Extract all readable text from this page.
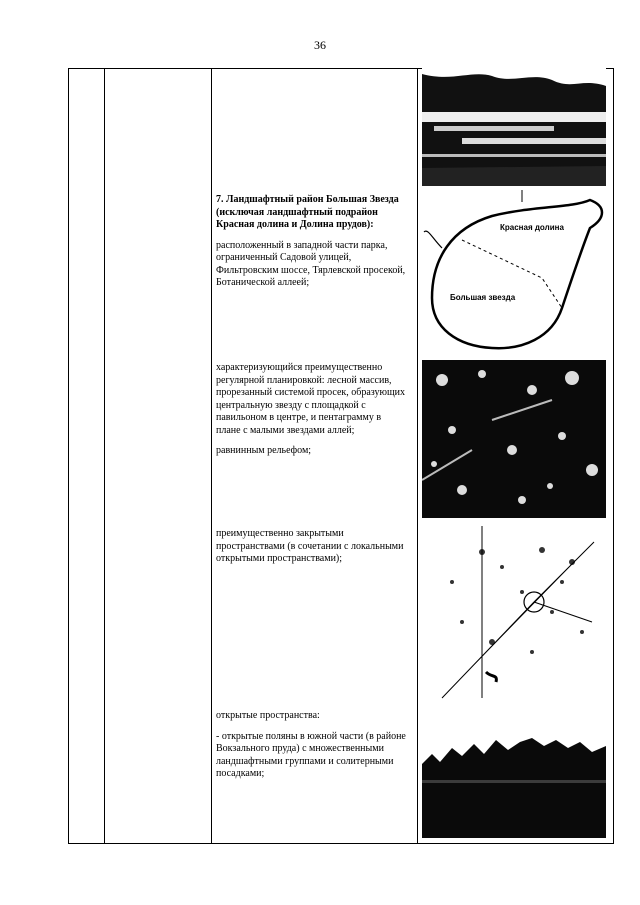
36
Красная долина
Большая звезда

7. Ландшафтный район Большая Звезда (исключая ландшафтный подрайон Красная долина и Долина прудов):

расположенный в западной части парка, ограниченный Садовой улицей, Фильтровским шоссе, Тярлевской просекой, Ботанической аллеей;

характеризующийся преимущественно регулярной планировкой: лесной массив, прорезанный системой просек, образующих центральную звезду с площадкой с павильоном в центре, и пентаграмму в плане с малыми звездами аллей;

равнинным рельефом;

преимущественно закрытыми пространствами (в сочетании с локальными открытыми пространствами);

открытые пространства:

- открытые поляны в южной части (в районе Вокзального пруда) с множественными ландшафтными группами и солитерными посадками;
